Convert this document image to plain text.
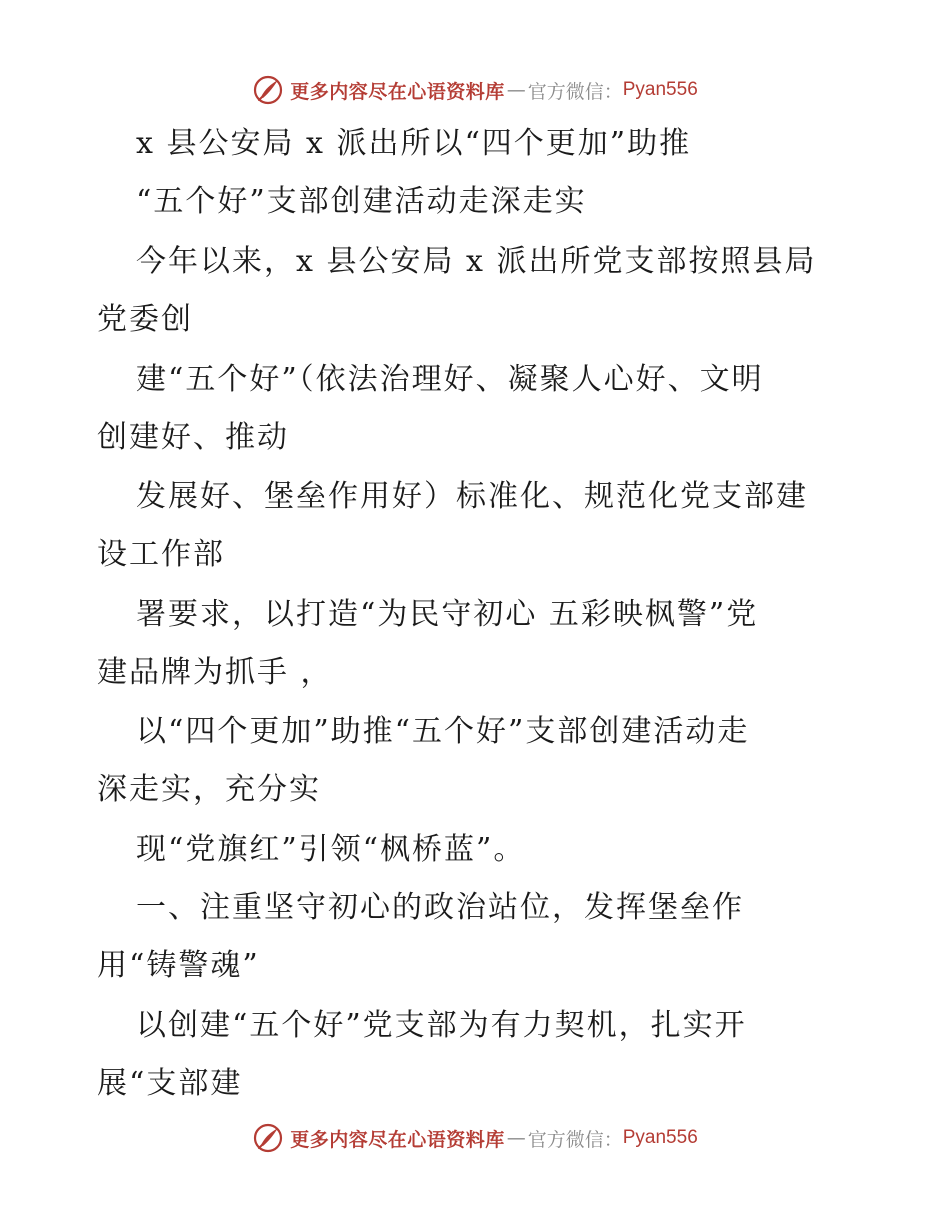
更多内容尽在心语资料库 — 官方微信： Pyan556
x 县公安局 x 派出所以“四个更加”助推
“五个好”支部创建活动走深走实
今年以来，x 县公安局 x 派出所党支部按照县局
党委创
建“五个好”（依法治理好、凝聚人心好、文明
创建好、推动
发展好、堡垒作用好）标准化、规范化党支部建
设工作部
署要求，以打造“为民守初心 五彩映枫警”党
建品牌为抓手 ，
以“四个更加”助推“五个好”支部创建活动走
深走实，充分实
现“党旗红”引领“枫桥蓝”。
一、注重坚守初心的政治站位，发挥堡垒作
用“铸警魂”
以创建“五个好”党支部为有力契机，扎实开
展“支部建
更多内容尽在心语资料库 — 官方微信： Pyan556
